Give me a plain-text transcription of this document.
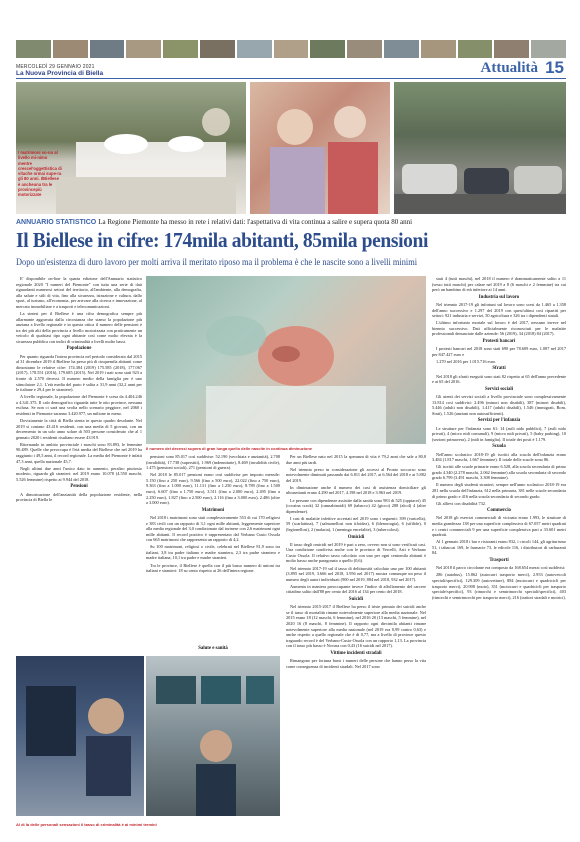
MERCOLEDÌ 29 GENNAIO 2021
La Nuova Provincia di Biella	Attualità 15
I matrimoni so-no al livello mi-nimo mentre crescel'oggettistica di vitache ormai supe-ra gli 80 anni. IlBiellese è ancheuna tra le provincepiù motorizzate
ANNUARIO STATISTICO La Regione Piemonte ha messo in rete i relativi dati: l'aspettativa di vita continua a salire e supera quota 80 anni
Il Biellese in cifre: 174mila abitanti, 85mila pensioni
Dopo un'esistenza di duro lavoro per molti arriva il meritato riposo ma il problema è che le nascite sono a livelli minimi

E' disponibile on-line la quarta edizione dell'Annuario statistico regionale 2020 "I numeri del Piemonte" con tutta una serie di dati riguardanti numerosi settori del territorio, all'ambiente, alla demografia, alla salute e stili di vita, fino alla sicurezza, istruzione e cultura, dallo sport, al turismo, all'economia, per arrivare alla ricerca e innovazione, al mercato immobiliare e a trasporti e telecomunicazioni.

La sintesi per il Biellese è una cifra demografica sempre più allarmante aggravata dalla circostanza che siamo la popolazione più anziana a livello regionale e in questa ottica il numero delle pensioni è tra dei più alti della provincia a livello motorizzata con praticamente un veicolo di qualsiasi tipo ogni abitante così come molto elevata è la sicurezza pubblica con indici di criminalità a livelli molto bassi.

Popolazione

Per quanto riguarda l'intera provincia nel periodo considerato dal 2015 al 31 dicembre 2019 il Biellese ha perso più di cinquemila abitanti come dimostrano le relative cifre: 174.384 (2019) 175.585 (2018), 177.067 (2017), 178.551 (2016), 179.685 (2015). Nel 2019 i nati sono stati 923 a fronte di 2.570 decessi. Il numero medio della famiglia per è uno stimolatore 2,1. L'età media del parto è salita a 31,9 anni (32,2 anni per le italiane e 29,4 per le straniere).

A livello regionale, la popolazione del Piemonte è scesa da 4.404.246 a 4.341.375. Il calo demografico riguarda tutte le otto province, nessuna esclusa. Se non ci sarà una svolta nello scenario peggiore, nel 2060 i residenti in Piemonte saranno 3.420.977, un milione in meno.

Dovizianente la città di Biella stenta in questo quadro desolante. Nel 2019 si contano 43.416 residenti, con una media di 5 giovani, con un decremento in un solo anno solare di 503 persone considerato che al 1 gennaio 2020 i residenti risultano essere 43.919.

Ritornando in ambito provinciale i maschi sono 83.893, le femmine 90.489. Quelle che preoccupa è l'età media del Biellese che nel 2019 ha raggiunto i 49,5 anni, il record regionale. La media del Piemonte è infatti 47,3 anni, quella nazionale 45,7.

Negli ultimi due anni l'unico dato in aumento, peraltro piuttosto modesto, riguarda gli stranieri: nel 2019 erano 10.078 (4.550 maschi, 5.526 femmine) rispetto ai 9.944 del 2018.

Pensioni

A dimostrazione dell'anzianità della popolazione residente, nella provincia di Biella le

Il numero dei decessi supera di gran lunga quello delle nascite in continua diminuzione

pensioni sono 85.017 così suddivise: 52.190 (vecchiaia e anzianità), 2.708 (invalidità), 17.738 (superstiti), 1.969 (indennitarie), 8.469 (invalidità civile), 1.475 (pensioni sociali), 271 (pensioni di guerra).

Nel 2018 le 85.017 pensioni erano così suddivise per importo mensile: 5.150 (fino a 250 euro), 9.566 (fino a 500 euro), 22.022 (fino a 750 euro), 9.363 (fino a 1.000 euro), 11.131 (fino a 1.250 euro), 8.789 (fino a 1.500 euro), 6.607 (fino a 1.750 euro), 3.511 (fino a 2.000 euro), 2.495 (fino a 2.250 euro), 1.827 (fino a 2.500 euro), 2.116 (fino a 3.000 euro), 2.486 (oltre a 3.000 euro).

Matrimoni

Nel 2018 i matrimoni sono stati complessivamente 553 di cui 170 religiosi e 383 civili con un rapporto di 3,1 ogni mille abitanti, leggermente superiore alla media regionale del 3,0 condizionato dal torinese con 2,6 matrimoni ogni mille abitanti. Il record positivo è rappresentato dal Verbano Cusio Ossola con 665 matrimoni che rappresenta un rapporto di 4,2.

Su 100 matrimoni, religiosi o civile, celebrati nel Biellese 81,9 sono tra italiani, 3,8 tra padre italiano e madre straniera, 2,3 tra padre straniero e madre italiana, 10,1 tra padre e madre stranieri.

Tra le province, il Biellese è quella con il più basso numero di unioni tra italiani e stranieri: 18 su cento rispetto ai 26 dell'intera regione.

Salute e sanità

Per un Biellese nato nel 2015 la speranza di vita è 79,2 anni che sale a 80,8 due anni più tardi.

Nel triennio preso in considerazione gli accessi al Pronto soccorso sono notevolmente diminuiti passando dai 6.811 del 2017, ai 6.564 del 2018 e ai 5.882 del 2019.

In diminuzione anche il numero dei casi di assistenza domiciliare gli ultrasettanti erano 4.290 nel 2017, 4.198 nel 2018 e 3.963 nel 2019.

Le persone con dipendenze assistite dalla sanità sono 983 di 525 (oppiacei) 45 (cocaina crack) 32 (cannabinoidi) 69 (tabacco) 42 (gioco) 288 (alcol) 4 (altre dipendenze).

I casi di malattie infettive accertati nel 2019 sono i seguenti: 399 (varicella), 59 (scarlattina), 7 (salmonellosi non tifoidea), 6 (blenorragia), 6 (sifilide), 0 (legionellosi), 2 (malaria), 1 (meningo encefalite), 3 (tubercolosi).

Omicidi

Il tasso degli omicidi nel 2019 è pari a zero, ovvero non si sono verificati casi. Una condizione condivisa anche con le province di Vercelli, Asti e Verbano Cusio Ossola. Il relativo tasso calcolato con uno per ogni centomila abitanti è molto basso anche paragonato a quello (0,6).

Nel triennio 2017-19 sul il tasso di delittuosità calcolato uno per 100 abitanti (3.895 nel 2019, 3.666 nel 2018, 3.956 nel 2017) mostra comunque un peso il numero degli autori individuati (900 nel 2019, 884 nel 2018, 932 nel 2017).

Aumenta in maniera preoccupante invece l'indice di affollamento del carcere cittadino salito dall'88 per cento del 2016 al 134 per cento del 2018.

Suicidi

Nel triennio 2015-2017 il Biellese ha perso il triste primato dei suicidi anche se il tasso di mortalità rimane notevolmente superiore alla media nazionale. Nel 2015 erano 18 (12 maschi, 6 femmine), nel 2016 20 (13 maschi, 5 femmine), nel 2020 16 (8 maschi, 8 femmine). Il rapporto ogni diecimila abitanti rimane notevolmente superiore alla media nazionale (nel 2019 era 0,99 contro 0,63) e anche rispetto a quello regionale che è di 0,77, ma a livello di province questo traguardo record è del Verbano-Cusio-Ossola con un rapporto 1,13. La provincia con il tasso più basso è Novara con 0,43 (16 suicidi nel 2017).

Vittime incidenti stradali

Rimangono per fortuna bassi i numeri delle persone che hanno perso la vita come conseguenza di incidenti stradali. Nel 2017 sono

stati 4 (tutti maschi), nel 2018 il numero è drammaticamente salito a 11 (sesso tutti maschi) per calare nel 2019 a 8 (6 maschi e 2 femmine) tra cui però un bambino di età inferiore ai 14 anni.

Industria sul lavoro

Nel triennio 2017-19 gli infortuni sul lavoro sono scesi da 1.465 a 1.358 dell'anno successivo e 1.297 del 2019 con quest'ultimi così ripartiti per settori: 921 industria e servizi, 50 agricoltura e 326 tra i dipendenti statali.

L'ultimo infortunio mortale sul lavoro è del 2017, nessuno invece nel biennio successivo. Dati ufficialmente riconosciuti per le malattie professionali denunciate dalle aziende: 56 (2019), 34 (2018) 84 (2017).

Protesti bancari

I protesti bancari nel 2018 sono stati 690 per 78.609 euro, 1.087 nel 2017 per 847.427 euro e

1.270 nel 2016 per 1.015.716 euro.

Sfratti

Nel 2018 gli sfratti eseguiti sono stati 82 rispetto ai 65 dell'anno precedente e ai 65 del 2016.

Servizi sociali

Gli utenti dei servizi sociali a livello provinciale sono complessivamente 13.814 così suddivisi: 2.496 (minori non disabili), 387 (minori disabili), 5.446 (adulti non disabili), 1.417 (adulti disabili), 1.546 (immigrati, Rom, Sinti), 1.526 (anziani non autosufficienti).

Servizi per l'infanzia

Le strutture per l'infanzia sono 61: 14 (asili nido pubblici), 7 (asili nido privati), 4 (micro nidi comunali), 9 (micro nidi privati), 5 (baby parking), 10 (sezioni primavera), 2 (nidi in famiglia). Il totale dei posti è 1.179.

Scuola

Nell'anno scolastico 2018-19 gli iscritti alla scuola dell'infanzia erano 3.484 (1.817 maschi, 1.667 femmine). Il totale delle scuole sono 86.

Gli iscritti alle scuole primarie erano 6.528, alla scuola secondaria di primo grado 4.340 (2.278 maschi, 2.062 femmine) alla scuola secondaria di secondo grado 6.799 (3.491 maschi, 3.308 femmine).

Il numero degli studenti stranieri, sempre nell'anno scolastico 2018-19 era 281 nella scuola dell'infanzia, 612 nella primaria, 381 nelle scuole secondaria di primo grado e 416 nella scuola secondaria di secondo grado.

Gli allievi con disabilità 732.

Commercio

Nel 2018 gli esercizi commerciali di vicinato erano 1.993, le strutture di media grandezza 138 per una superficie complessiva di 67.057 metri quadrati e i centri commerciali 9 per una superficie complessiva pari a 33.601 metri quadrati.

Al 1 gennaio 2018 i bar e ristoranti erano 832, i circoli 144, gli agriturismo 51, i tabaccai 169, le farmacie 73, le edicole 116, i distributori di carburanti 84.

Trasporti

Nel 2018 il parco circolante era composto da 168.654 mezzi così suddivisi:

286 (autobus), 15.862 (autocarri trasporto merci), 2.953 (autoveicoli speciali/specifici), 129.309 (autovetture), 884 (motocarri e quadricicli per trasporto merci), 20.908 (moto), 351 (motocarri e quadricicli per trasporto speciale/specifici), 93 (rimorchi e semirimorchi speciali/specifici), 403 (rimorchi e semirimorchi per trasporto merci), 216 (trattori stradali e motrici).

Al di là delle personali sensazioni il tasso di criminalità è ai minimi termini
